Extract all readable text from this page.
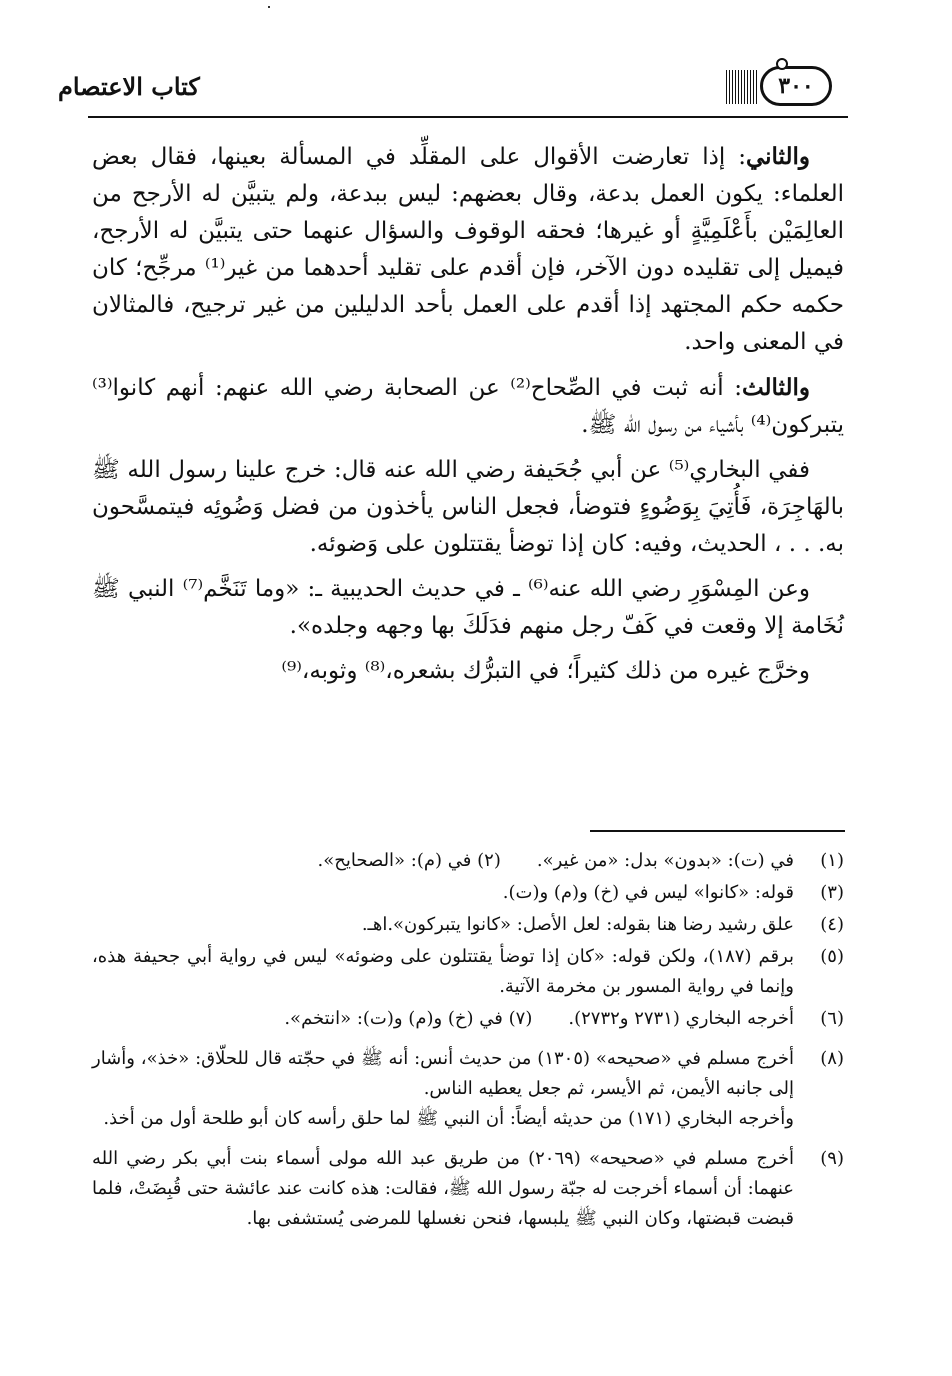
كتاب الاعتصام	٣٠٠

والثاني: إذا تعارضت الأقوال على المقلِّد في المسألة بعينها، فقال بعض العلماء: يكون العمل بدعة، وقال بعضهم: ليس ببدعة، ولم يتبيَّن له الأرجح من العالِمَيْن بأَعْلَمِيَّةٍ أو غيرها؛ فحقه الوقوف والسؤال عنهما حتى يتبيَّن له الأرجح، فيميل إلى تقليده دون الآخر، فإن أقدم على تقليد أحدهما من غير⁽¹⁾ مرجِّح؛ كان حكمه حكم المجتهد إذا أقدم على العمل بأحد الدليلين من غير ترجيح، فالمثالان في المعنى واحد.

والثالث: أنه ثبت في الصِّحاح⁽²⁾ عن الصحابة رضي الله عنهم: أنهم كانوا⁽³⁾ يتبركون⁽⁴⁾ بأشياء من رسول الله ﷺ.

ففي البخاري⁽⁵⁾ عن أبي جُحَيفة رضي الله عنه قال: خرج علينا رسول الله ﷺ بالهَاجِرَة، فَأُتِيَ بِوَضُوءٍ فتوضأ، فجعل الناس يأخذون من فضل وَضُوئِه فيتمسَّحون به. . . ، الحديث، وفيه: كان إذا توضأ يقتتلون على وَضوئه.

وعن المِسْوَرِ رضي الله عنه⁽⁶⁾ ـ في حديث الحديبية ـ: «وما تَنَخَّم⁽⁷⁾ النبي ﷺ نُخَامة إلا وقعت في كَفّ رجل منهم فدَلَكَ بها وجهه وجلده».

وخرَّج غيره من ذلك كثيراً؛ في التبرُّك بشعره،⁽⁸⁾ وثوبه،⁽⁹⁾

(١)
في (ت): «بدون» بدل: «من غير».
(٢)

في (م): «الصحايح».
(٣)
قوله: «كانوا» ليس في (خ) و(م) و(ت).
(٤)
علق رشيد رضا هنا بقوله: لعل الأصل: «كانوا يتبركون».اهـ.
(٥)
برقم (١٨٧)، ولكن قوله: «كان إذا توضأ يقتتلون على وضوئه» ليس في رواية أبي جحيفة هذه، وإنما في رواية المسور بن مخرمة الآتية.
(٦)
أخرجه البخاري (٢٧٣١ و٢٧٣٢).
(٧)

في (خ) و(م) و(ت): «انتخم».
(٨)
أخرج مسلم في «صحيحه» (١٣٠٥) من حديث أنس: أنه ﷺ في حجّته قال للحلّاق: «خذ»، وأشار إلى جانبه الأيمن، ثم الأيسر، ثم جعل يعطيه الناس.
وأخرجه البخاري (١٧١) من حديثه أيضاً: أن النبي ﷺ لما حلق رأسه كان أبو طلحة أول من أخذ.
(٩)
أخرج مسلم في «صحيحه» (٢٠٦٩) من طريق عبد الله مولى أسماء بنت أبي بكر رضي الله عنهما: أن أسماء أخرجت له جبّة رسول الله ﷺ، فقالت: هذه كانت عند عائشة حتى قُبِضَتْ، فلما قبضت قبضتها، وكان النبي ﷺ يلبسها، فنحن نغسلها للمرضى يُستشفى بها.
